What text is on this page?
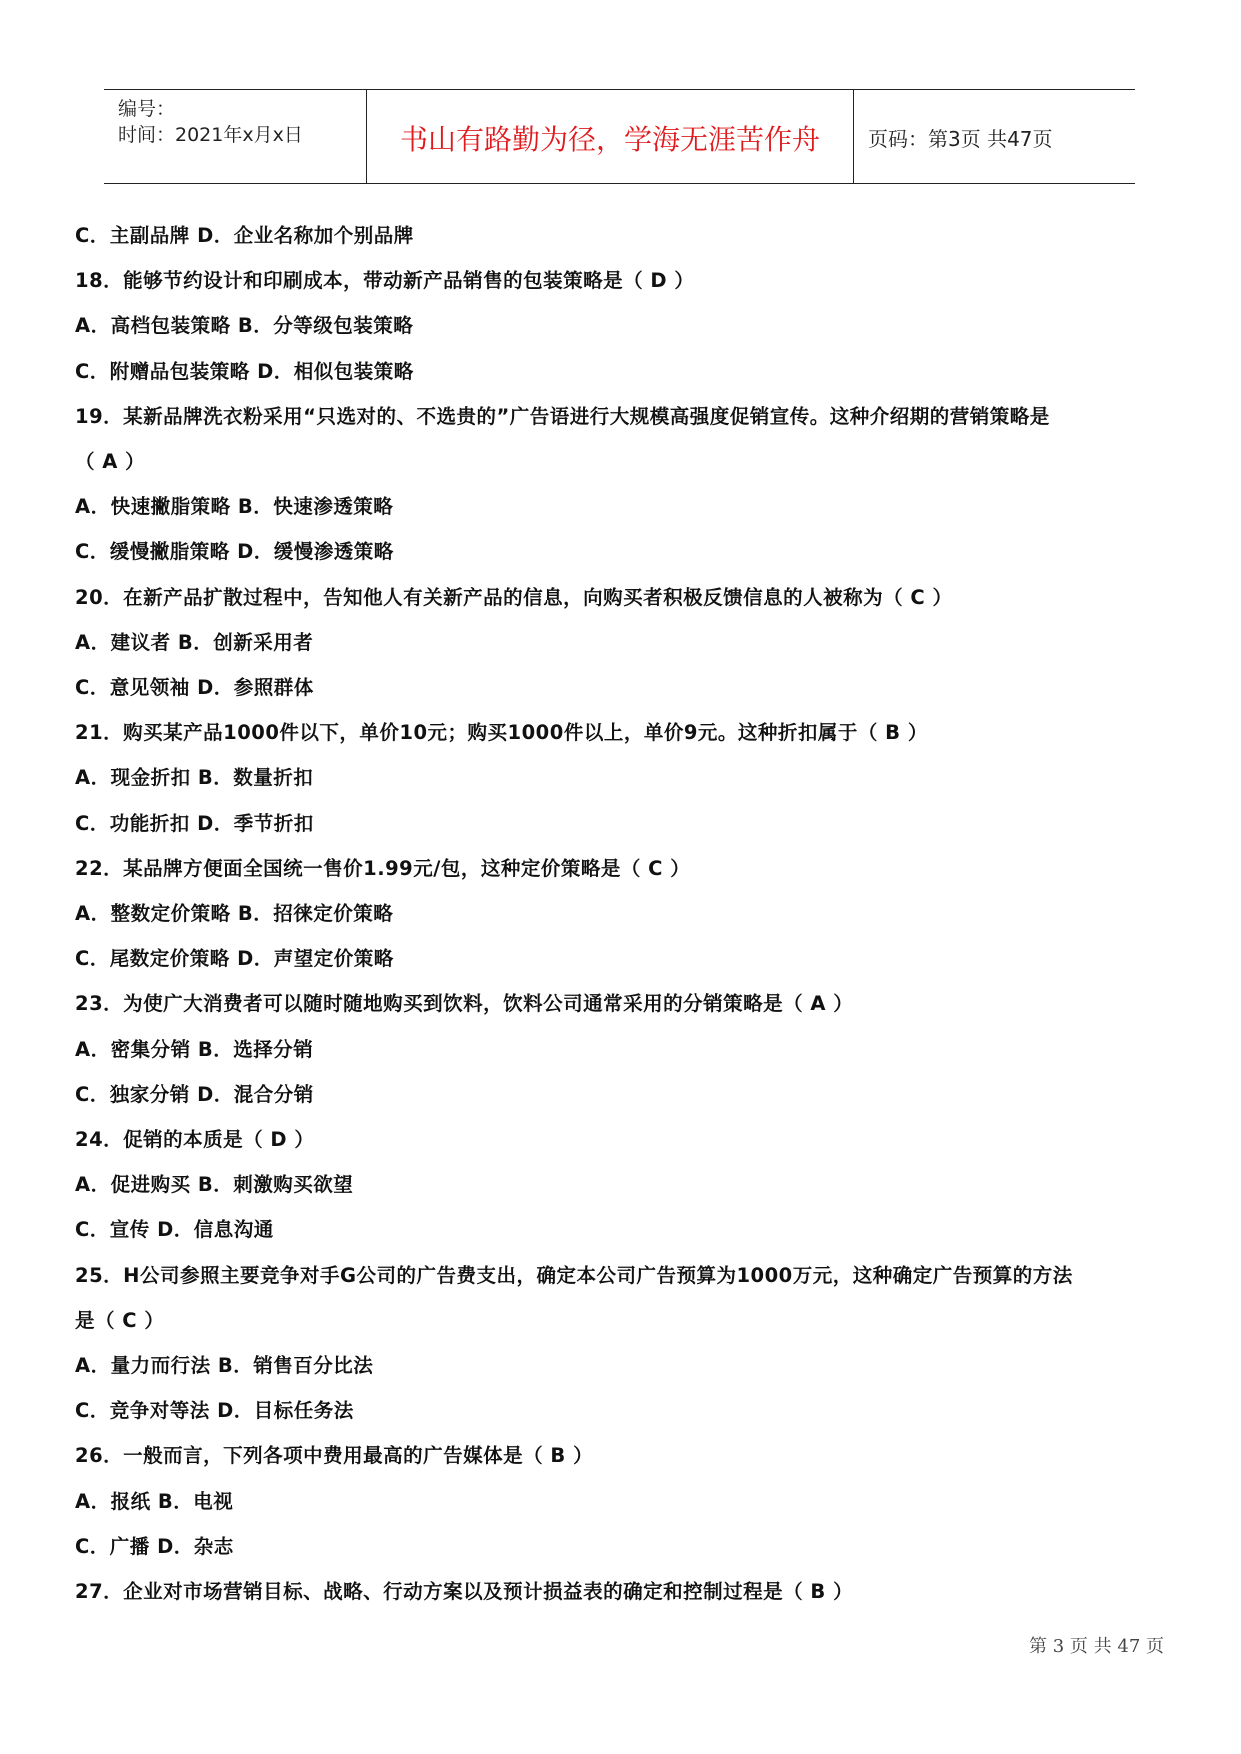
编号：
时间：2021年x月x日	书山有路勤为径，学海无涯苦作舟	页码：第3页 共47页
C．主副品牌 D．企业名称加个别品牌
18．能够节约设计和印刷成本，带动新产品销售的包装策略是（ D ）
A．高档包装策略 B．分等级包装策略
C．附赠品包装策略 D．相似包装策略
19．某新品牌洗衣粉采用“只选对的、不选贵的”广告语进行大规模高强度促销宣传。这种介绍期的营销策略是
（ A ）
A．快速撇脂策略 B．快速渗透策略
C．缓慢撇脂策略 D．缓慢渗透策略
20．在新产品扩散过程中，告知他人有关新产品的信息，向购买者积极反馈信息的人被称为（ C ）
A．建议者 B．创新采用者
C．意见领袖 D．参照群体
21．购买某产品1000件以下，单价10元；购买1000件以上，单价9元。这种折扣属于（ B ）
A．现金折扣 B．数量折扣
C．功能折扣 D．季节折扣
22．某品牌方便面全国统一售价1.99元/包，这种定价策略是（ C ）
A．整数定价策略 B．招徕定价策略
C．尾数定价策略 D．声望定价策略
23．为使广大消费者可以随时随地购买到饮料，饮料公司通常采用的分销策略是（ A ）
A．密集分销 B．选择分销
C．独家分销 D．混合分销
24．促销的本质是（ D ）
A．促进购买 B．刺激购买欲望
C．宣传 D．信息沟通
25．H公司参照主要竞争对手G公司的广告费支出，确定本公司广告预算为1000万元，这种确定广告预算的方法
是（ C ）
A．量力而行法 B．销售百分比法
C．竞争对等法 D．目标任务法
26．一般而言，下列各项中费用最高的广告媒体是（ B ）
A．报纸 B．电视
C．广播 D．杂志
27．企业对市场营销目标、战略、行动方案以及预计损益表的确定和控制过程是（ B ）
第 3 页 共 47 页
